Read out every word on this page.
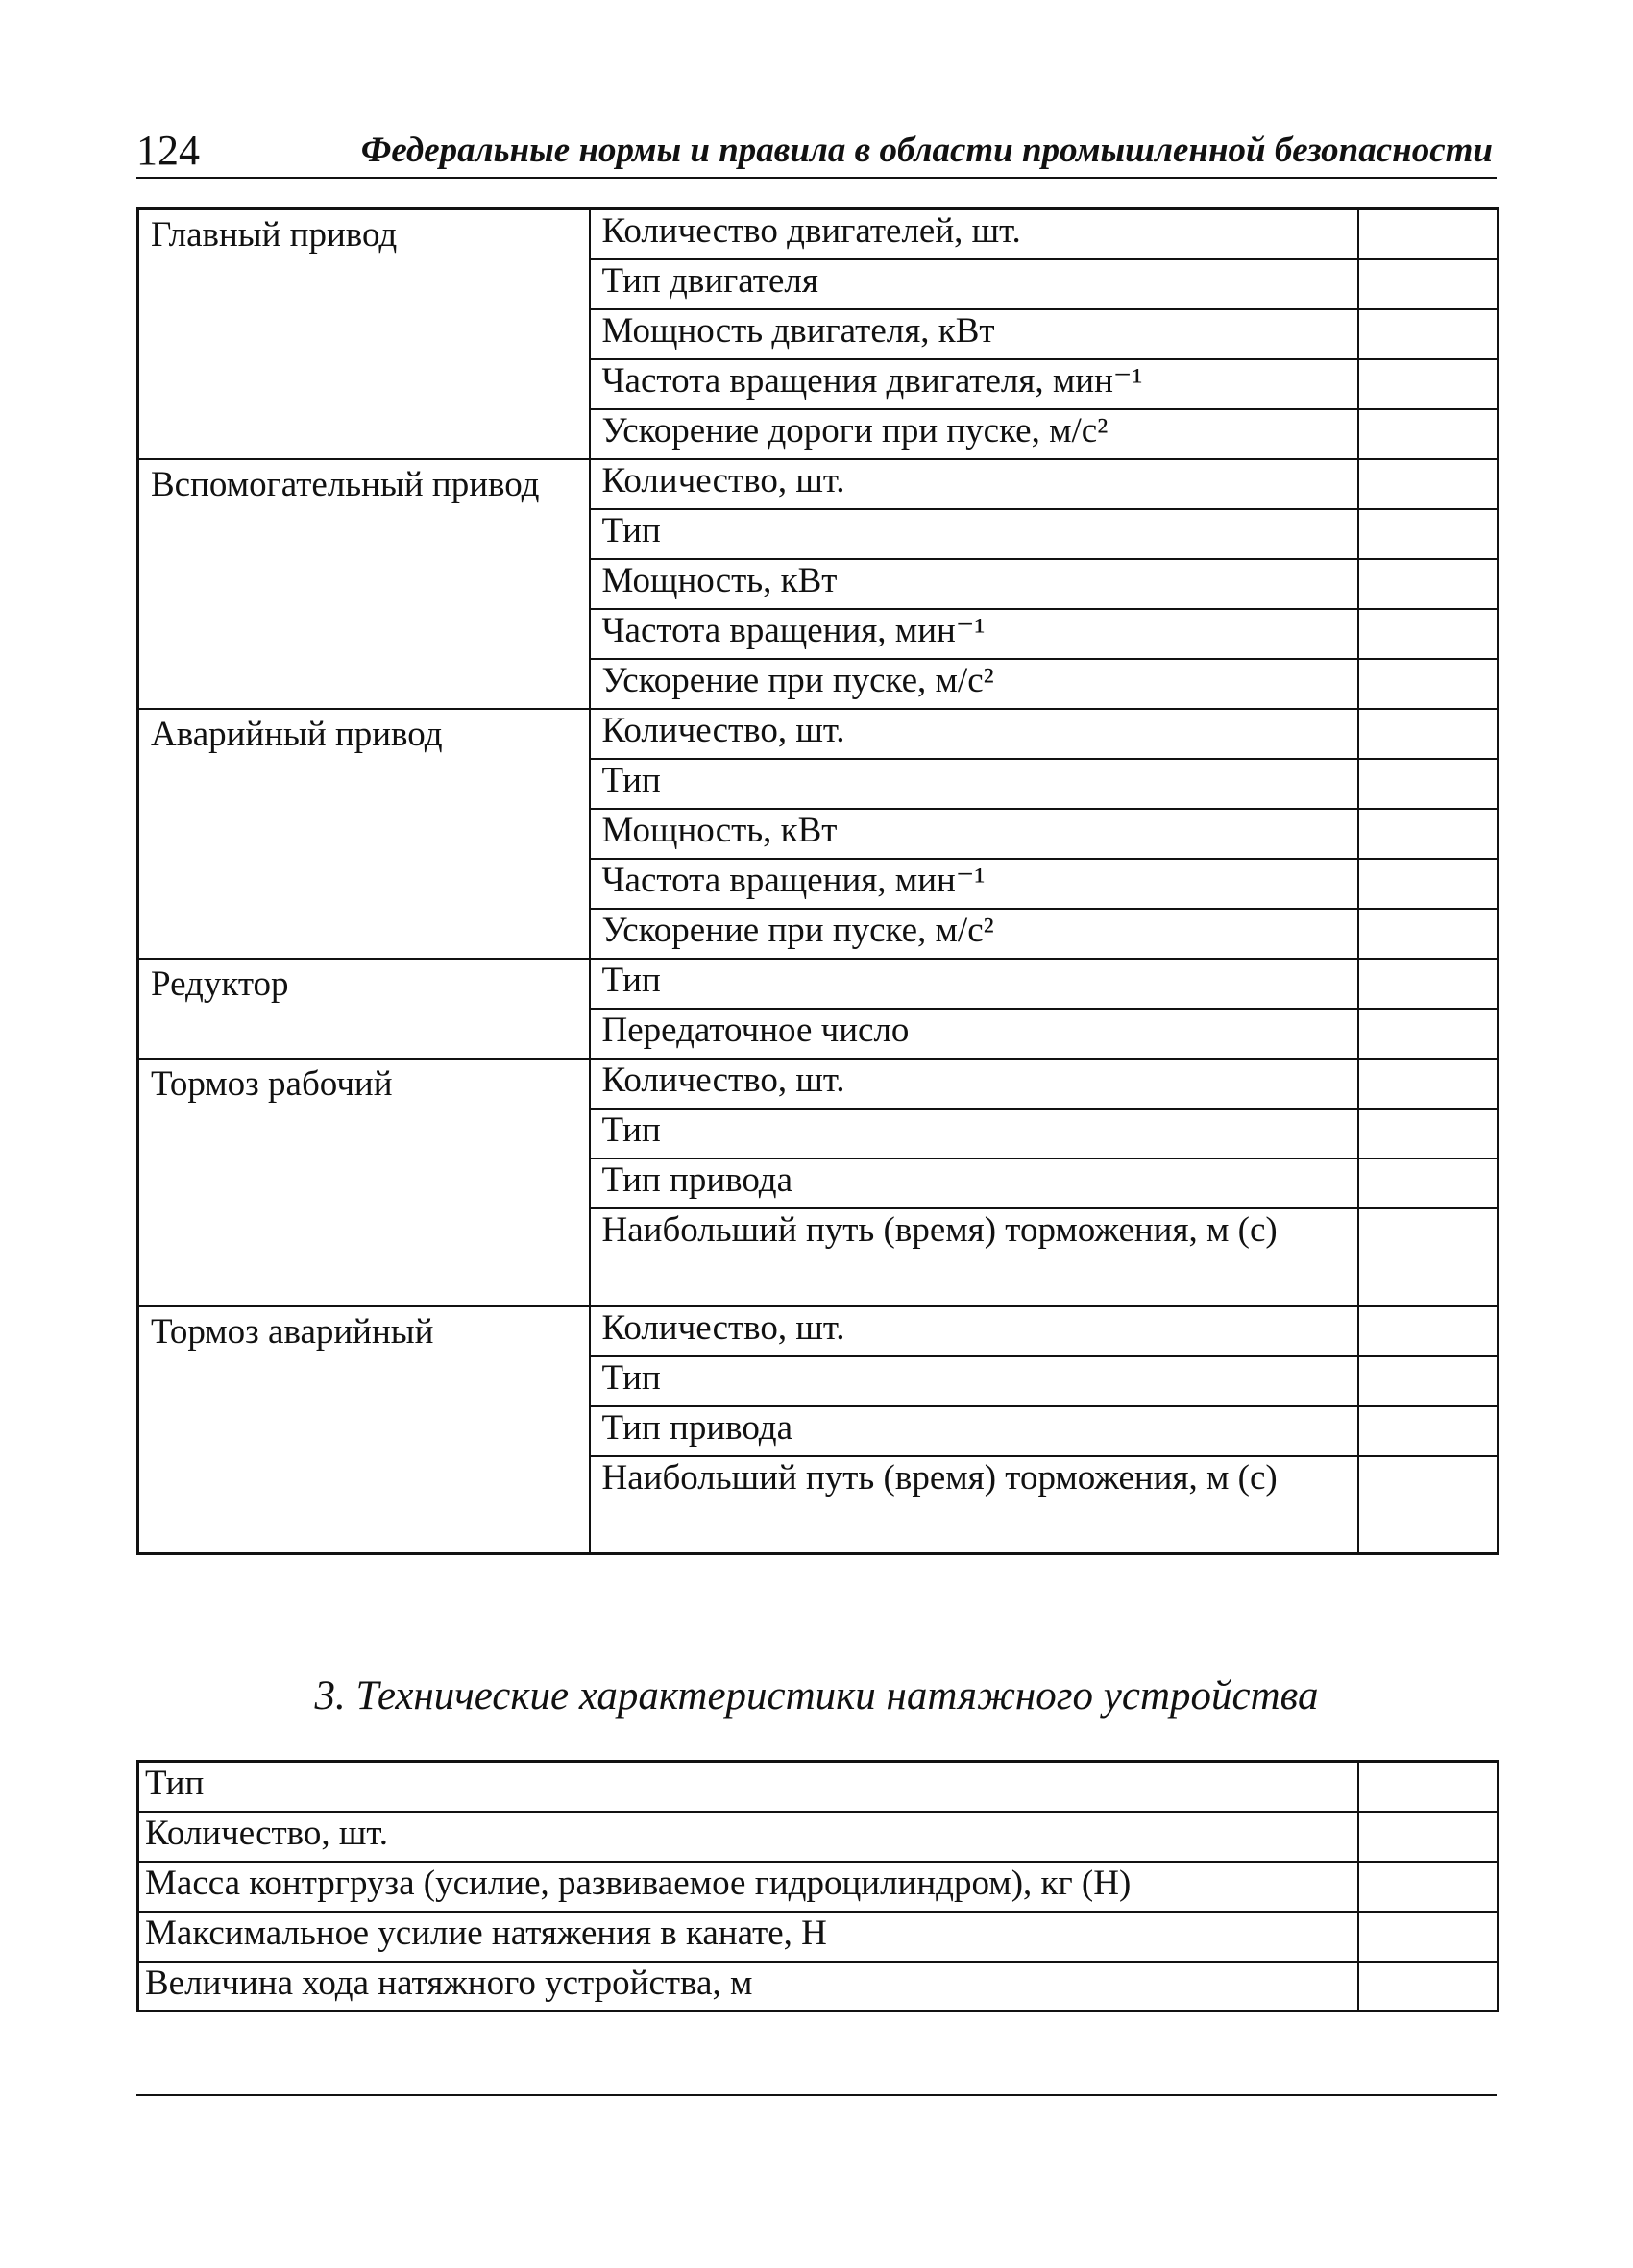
124	Федеральные нормы и правила в области промышленной безопасности
Главный привод	Количество двигателей, шт.	
	Тип двигателя	
	Мощность двигателя, кВт	
	Частота вращения двигателя, мин⁻¹	
	Ускорение дороги при пуске, м/с²	
Вспомогательный привод	Количество, шт.	
	Тип	
	Мощность, кВт	
	Частота вращения, мин⁻¹	
	Ускорение при пуске, м/с²	
Аварийный привод	Количество, шт.	
	Тип	
	Мощность, кВт	
	Частота вращения, мин⁻¹	
	Ускорение при пуске, м/с²	
Редуктор	Тип	
	Передаточное число	
Тормоз рабочий	Количество, шт.	
	Тип	
	Тип привода	
	Наибольший путь (время) торможения, м (с)	
Тормоз аварийный	Количество, шт.	
	Тип	
	Тип привода	
	Наибольший путь (время) торможения, м (с)	
3. Технические характеристики натяжного устройства
Тип	
Количество, шт.	
Масса контргруза (усилие, развиваемое гидроцилиндром), кг (Н)	
Максимальное усилие натяжения в канате, Н	
Величина хода натяжного устройства, м	
